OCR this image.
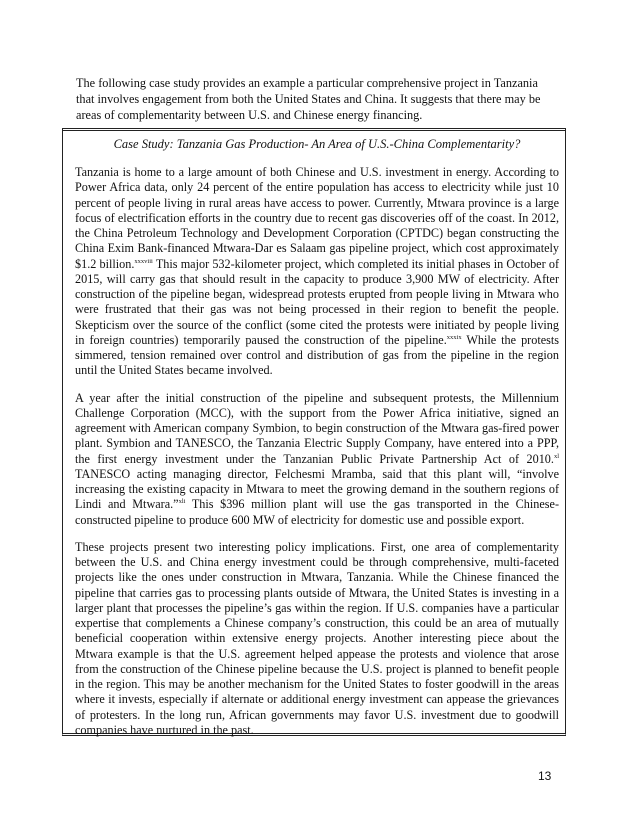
The following case study provides an example a particular comprehensive project in Tanzania that involves engagement from both the United States and China. It suggests that there may be areas of complementarity between U.S. and Chinese energy financing.

Case Study: Tanzania Gas Production- An Area of U.S.-China Complementarity?

Tanzania is home to a large amount of both Chinese and U.S. investment in energy. According to Power Africa data, only 24 percent of the entire population has access to electricity while just 10 percent of people living in rural areas have access to power. Currently, Mtwara province is a large focus of electrification efforts in the country due to recent gas discoveries off of the coast. In 2012, the China Petroleum Technology and Development Corporation (CPTDC) began constructing the China Exim Bank-financed Mtwara-Dar es Salaam gas pipeline project, which cost approximately $1.2 billion.$^{xxxviii}$ This major 532-kilometer project, which completed its initial phases in October of 2015, will carry gas that should result in the capacity to produce 3,900 MW of electricity. After construction of the pipeline began, widespread protests erupted from people living in Mtwara who were frustrated that their gas was not being processed in their region to benefit the people. Skepticism over the source of the conflict (some cited the protests were initiated by people living in foreign countries) temporarily paused the construction of the pipeline.$^{xxxix}$ While the protests simmered, tension remained over control and distribution of gas from the pipeline in the region until the United States became involved.

A year after the initial construction of the pipeline and subsequent protests, the Millennium Challenge Corporation (MCC), with the support from the Power Africa initiative, signed an agreement with American company Symbion, to begin construction of the Mtwara gas-fired power plant. Symbion and TANESCO, the Tanzania Electric Supply Company, have entered into a PPP, the first energy investment under the Tanzanian Public Private Partnership Act of 2010.$^{xl}$ TANESCO acting managing director, Felchesmi Mramba, said that this plant will, “involve increasing the existing capacity in Mtwara to meet the growing demand in the southern regions of Lindi and Mtwara.”$^{xli}$ This $396 million plant will use the gas transported in the Chinese-constructed pipeline to produce 600 MW of electricity for domestic use and possible export.

These projects present two interesting policy implications. First, one area of complementarity between the U.S. and China energy investment could be through comprehensive, multi-faceted projects like the ones under construction in Mtwara, Tanzania. While the Chinese financed the pipeline that carries gas to processing plants outside of Mtwara, the United States is investing in a larger plant that processes the pipeline’s gas within the region. If U.S. companies have a particular expertise that complements a Chinese company’s construction, this could be an area of mutually beneficial cooperation within extensive energy projects. Another interesting piece about the Mtwara example is that the U.S. agreement helped appease the protests and violence that arose from the construction of the Chinese pipeline because the U.S. project is planned to benefit people in the region. This may be another mechanism for the United States to foster goodwill in the areas where it invests, especially if alternate or additional energy investment can appease the grievances of protesters. In the long run, African governments may favor U.S. investment due to goodwill companies have nurtured in the past.

13
